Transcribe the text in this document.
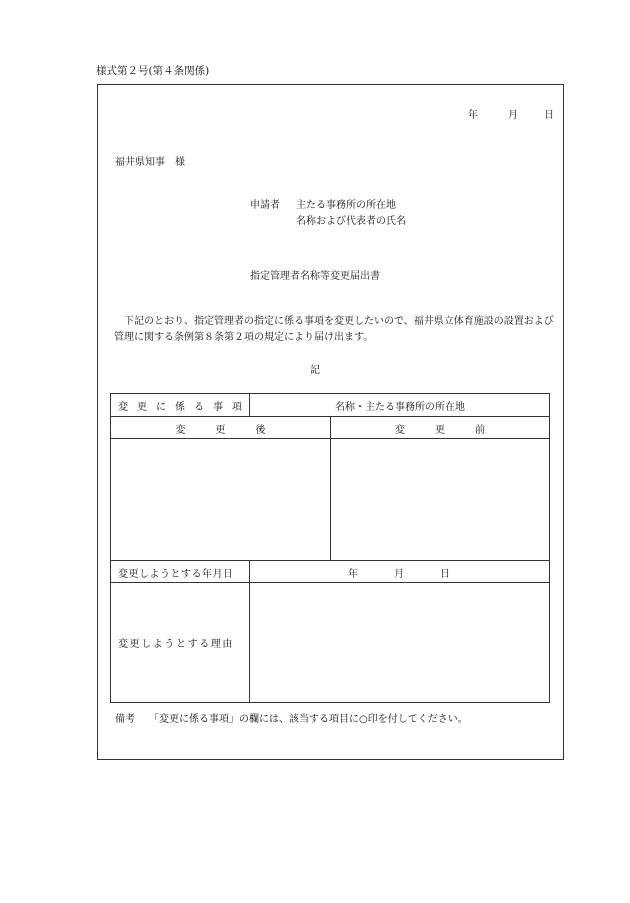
様式第２号(第４条関係)
年	月	日
福井県知事　様
申請者 主たる事務所の所在地
名称および代表者の氏名
指定管理者名称等変更届出書
下記のとおり、指定管理者の指定に係る事項を変更したいので、福井県立体育施設の設置および管理に関する条例第８条第２項の規定により届け出ます。
記
変更に係る事項	名称・主たる事務所の所在地
変　　　更　　　後	変　　　更　　　前
変更しようとする年月日	年	月	日
変更しようとする理由
備考 「変更に係る事項」の欄には、該当する項目に○印を付してください。
